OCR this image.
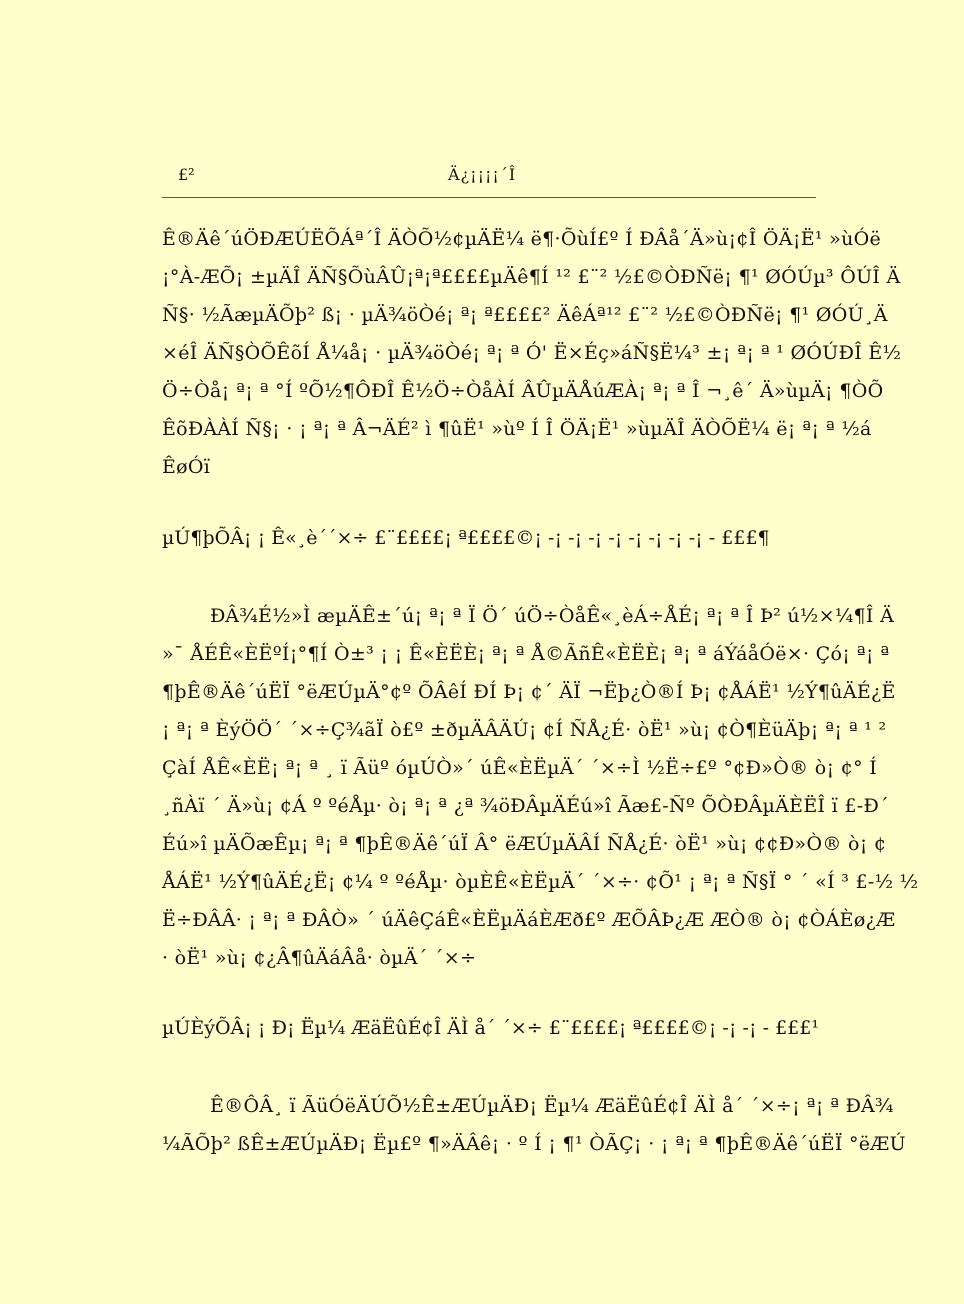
£²	Ä¿¡¡¡¡´Î
Ê®Äê´úÖÐÆÚËÕÁª´Î ÄÒÕ½¢µÄË¼ ë¶·ÕùÍ£º Í ÐÂå´Ä»ù¡¢Î ÖÄ¡Ë¹ »ùÓë
¡°À-ÆÕ¡ ±µÄÎ ÄÑ§ÕùÂÛ¡ª¡ª££££µÄê¶Í ¹² £¨² ½£©ÒÐÑë¡ ¶¹ ØÓÚµ³ ÔÚÎ Ä
Ñ§· ½ÃæµÄÕþ² ß¡ · µÄ¾öÒé¡ ª¡ ª££££² ÄêÁª¹² £¨² ½£©ÒÐÑë¡ ¶¹ ØÓÚ¸Ä
×éÎ ÄÑ§ÒÕÊõÍ Å¼å¡ · µÄ¾öÒé¡ ª¡ ª Ó' Ë×Éç»áÑ§Ë¼³ ±¡ ª¡ ª ¹ ØÓÚÐÎ Ê½
Ö÷Òå¡ ª¡ ª °Í ºÕ½¶ÔÐÎ Ê½Ö÷ÒåÀÍ ÂÛµÄÅúÆÀ¡ ª¡ ª Î ¬¸ê´ Ä»ùµÄ¡ ¶ÒÕ
ÊõÐÀÀÍ Ñ§¡ · ¡ ª¡ ª Â¬ÄÉ² ì ¶ûË¹ »ùº Í Î ÖÄ¡Ë¹ »ùµÄÎ ÄÒÕË¼ ë¡ ª¡ ª ½á
ÊøÓï
µÚ¶þÕÂ¡ ¡ Ê«¸è´´×÷ £¨££££¡ ª££££©¡ -¡ -¡ -¡ -¡ -¡ -¡ -¡ -¡ - £££¶
ÐÂ¾É½»Ì æµÄÊ±´ú¡ ª¡ ª Ï Ö´ úÖ÷ÒåÊ«¸èÁ÷ÅÉ¡ ª¡ ª Î Þ² ú½×¼¶Î Ä
»¯ ÅÉÊ«ÈËºÍ¡°¶Í Ò±³ ¡ ¡ Ê«ÈËÈ¡ ª¡ ª Å©ÃñÊ«ÈËÈ¡ ª¡ ª áÝáåÓë×· Çó¡ ª¡ ª
¶þÊ®Äê´úËÏ °ëÆÚµÄ°¢º ÕÂêÍ ÐÍ Þ¡ ¢´ ÄÏ ¬Ëþ¿Ò®Í Þ¡ ¢ÅÁË¹ ½Ý¶ûÄÉ¿Ë
¡ ª¡ ª ÈýÖÖ´ ´×÷Ç¾ãÏ ò£º ±ðµÄÂÄÚ¡ ¢Í ÑÅ¿É· òË¹ »ù¡ ¢Ò¶ÈüÄþ¡ ª¡ ª ¹ ²
ÇàÍ ÅÊ«ÈË¡ ª¡ ª ¸ ï Ãüº óµÚÒ»´ úÊ«ÈËµÄ´ ´×÷Ì ½Ë÷£º °¢Ð»Ò® ò¡ ¢° Í
¸ñÀï ´ Ä»ù¡ ¢Á º ºéÅµ· ò¡ ª¡ ª ¿ª ¾öÐÂµÄÉú»î Ãæ£-Ñº ÕÒÐÂµÄÈËÎ ï £-Ð´
Éú»î µÄÕæÊµ¡ ª¡ ª ¶þÊ®Äê´úÏ Â° ëÆÚµÄÂÍ ÑÅ¿É· òË¹ »ù¡ ¢¢Ð»Ò® ò¡ ¢
ÅÁË¹ ½Ý¶ûÄÉ¿Ë¡ ¢¼ º ºéÅµ· òµÈÊ«ÈËµÄ´ ´×÷· ¢Õ¹ ¡ ª¡ ª Ñ§Ï ° ´ «Í ³ £-½ ½
Ë÷ÐÂÂ· ¡ ª¡ ª ÐÂÒ» ´ úÄêÇáÊ«ÈËµÄáÈÆð£º ÆÕÂÞ¿Æ ÆÒ® ò¡ ¢ÒÁÈø¿Æ
· òË¹ »ù¡ ¢¿Â¶ûÄáÂå· òµÄ´ ´×÷
µÚÈýÕÂ¡ ¡ Ð¡ Ëµ¼ ÆäËûÉ¢Î ÄÌ å´ ´×÷ £¨££££¡ ª££££©¡ -¡ -¡ - £££¹
Ê®ÔÂ¸ ï ÃüÓëÄÚÕ½Ê±ÆÚµÄÐ¡ Ëµ¼ ÆäËûÉ¢Î ÄÌ å´ ´×÷¡ ª¡ ª ÐÂ¾
¼ÃÕþ² ßÊ±ÆÚµÄÐ¡ Ëµ£º ¶»ÄÂê¡ · º Í ¡ ¶¹ ÒÃÇ¡ · ¡ ª¡ ª ¶þÊ®Äê´úËÏ °ëÆÚ
